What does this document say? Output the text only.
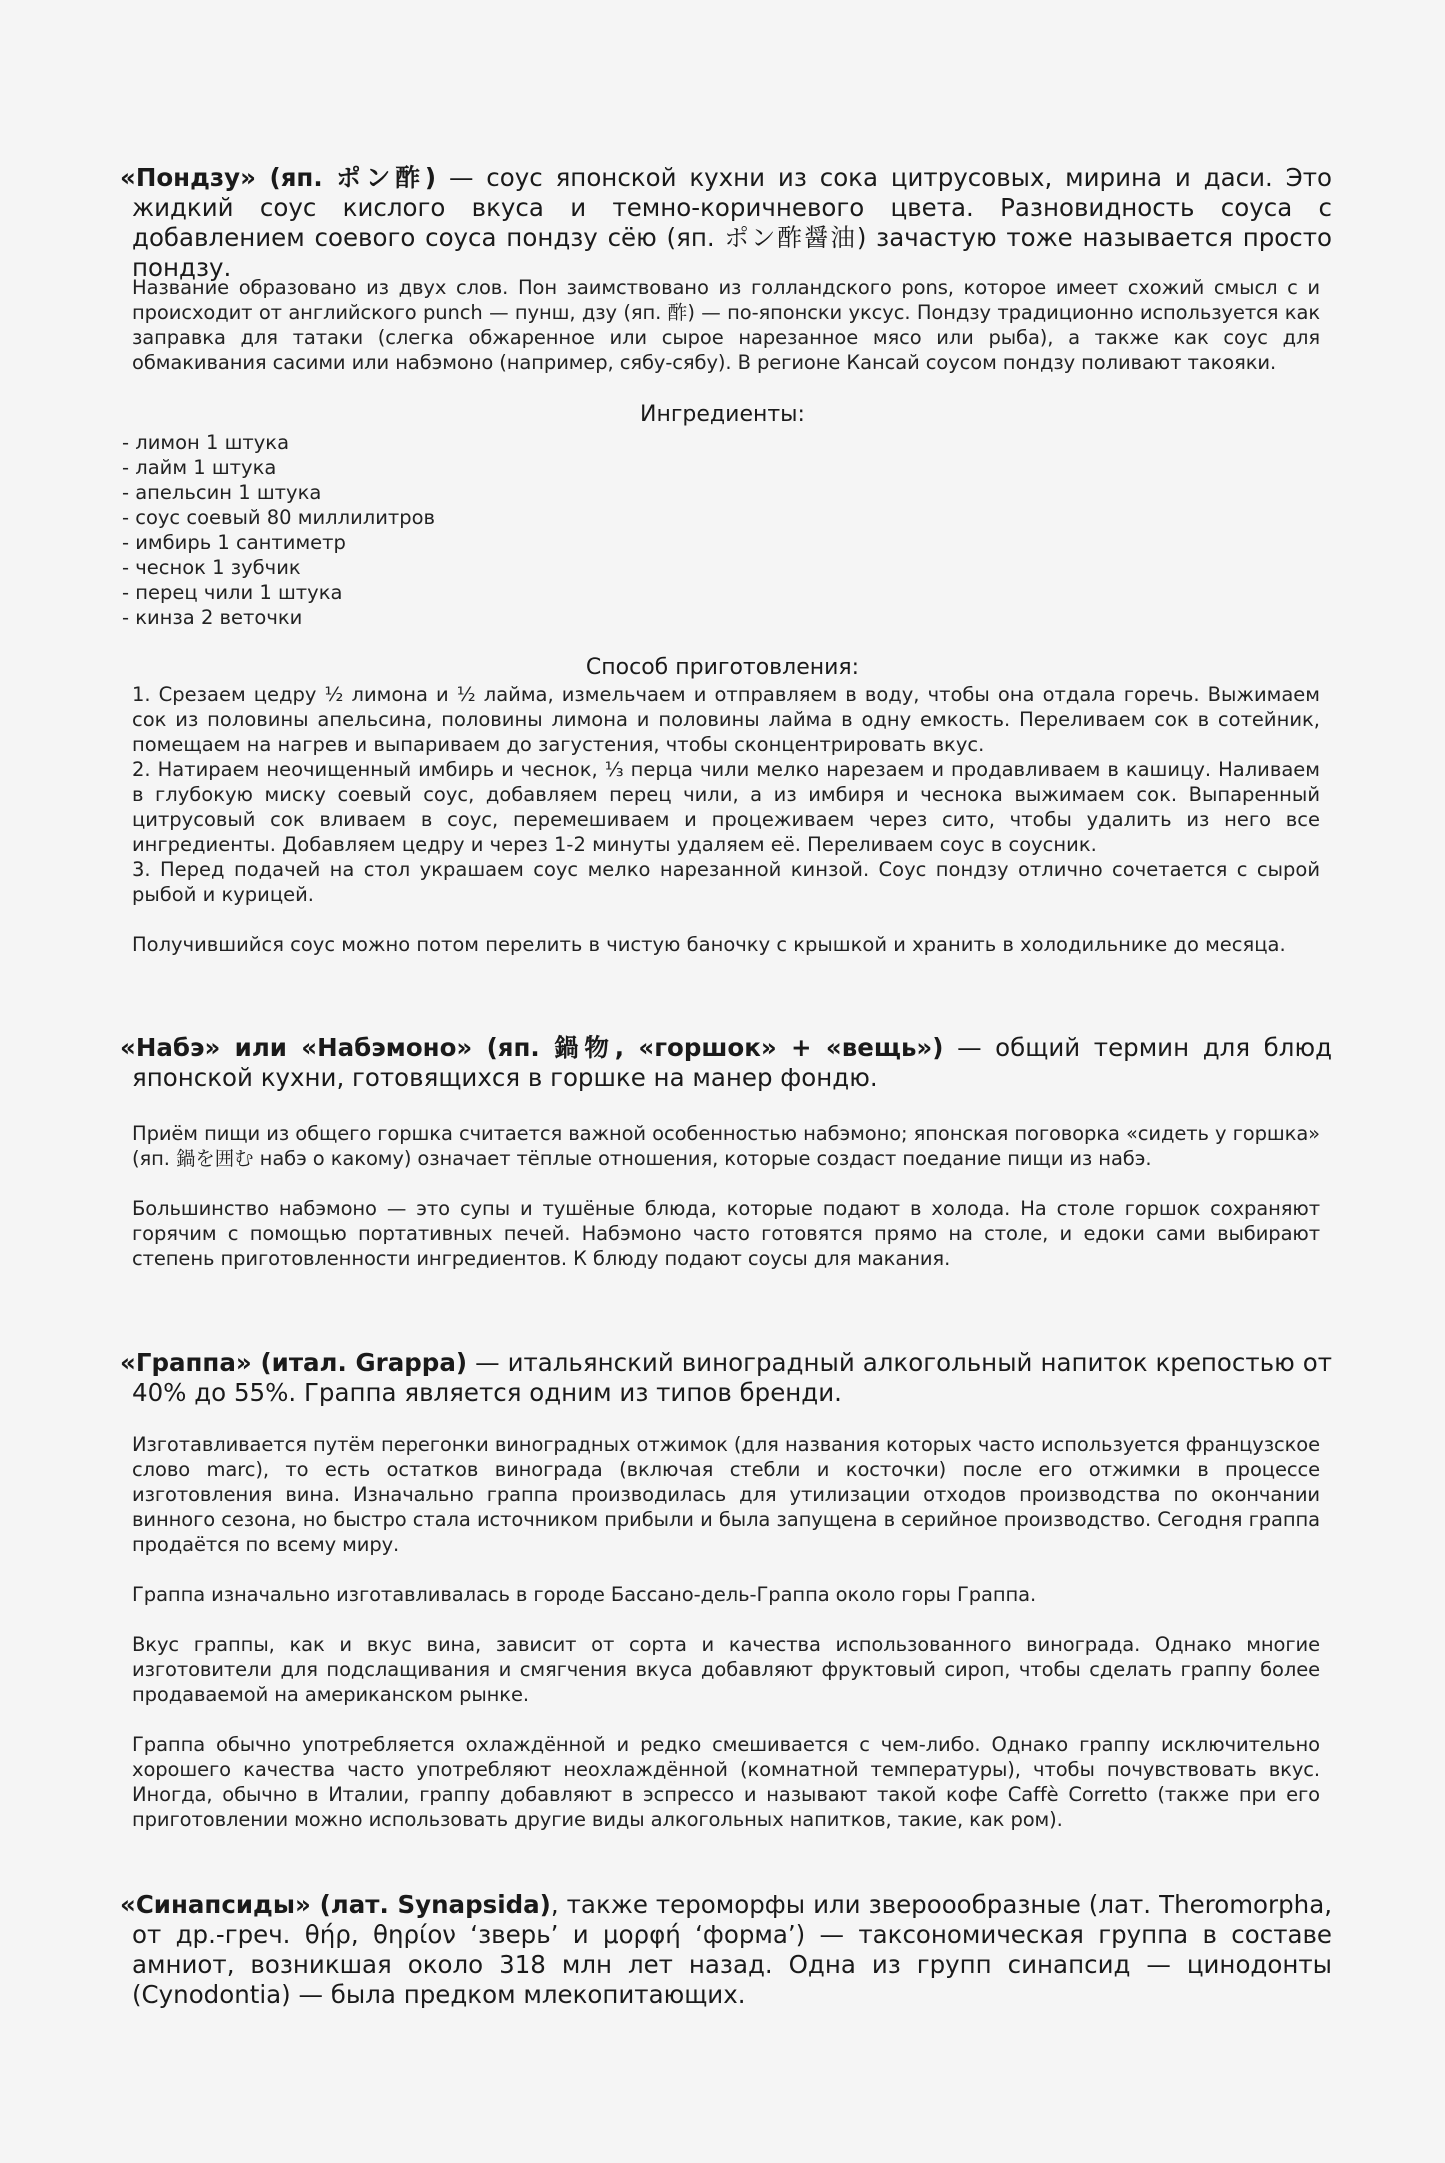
«Пондзу» (яп. ポン酢) — соус японской кухни из сока цитрусовых, мирина и даси. Это жидкий соус кислого вкуса и темно-коричневого цвета. Разновидность соуса с добавлением соевого соуса пондзу сёю (яп. ポン酢醤油) зачастую тоже называется просто пондзу.

Название образовано из двух слов. Пон заимствовано из голландского pons, которое имеет схожий смысл с и происходит от английского punch — пунш, дзу (яп. 酢) — по-японски уксус. Пондзу традиционно используется как заправка для татаки (слегка обжаренное или сырое нарезанное мясо или рыба), а также как соус для обмакивания сасими или набэмоно (например, сябу-сябу). В регионе Кансай соусом пондзу поливают такояки.

Ингредиенты:

- лимон 1 штука
- лайм 1 штука
- апельсин 1 штука
- соус соевый 80 миллилитров
- имбирь 1 сантиметр
- чеснок 1 зубчик
- перец чили 1 штука
- кинза 2 веточки

Способ приготовления:

1. Срезаем цедру ½ лимона и ½ лайма, измельчаем и отправляем в воду, чтобы она отдала горечь. Выжимаем сок из половины апельсина, половины лимона и половины лайма в одну емкость. Переливаем сок в сотейник, помещаем на нагрев и выпариваем до загустения, чтобы сконцентрировать вкус.

2. Натираем неочищенный имбирь и чеснок, ⅓ перца чили мелко нарезаем и продавливаем в кашицу. Наливаем в глубокую миску соевый соус, добавляем перец чили, а из имбиря и чеснока выжимаем сок. Выпаренный цитрусовый сок вливаем в соус, перемешиваем и процеживаем через сито, чтобы удалить из него все ингредиенты. Добавляем цедру и через 1-2 минуты удаляем её. Переливаем соус в соусник.

3. Перед подачей на стол украшаем соус мелко нарезанной кинзой. Соус пондзу отлично сочетается с сырой рыбой и курицей.

Получившийся соус можно потом перелить в чистую баночку с крышкой и хранить в холодильнике до месяца.

«Набэ» или «Набэмоно» (яп. 鍋物, «горшок» + «вещь») — общий термин для блюд японской кухни, готовящихся в горшке на манер фондю.

Приём пищи из общего горшка считается важной особенностью набэмоно; японская поговорка «сидеть у горшка» (яп. 鍋を囲む набэ о какому) означает тёплые отношения, которые создаст поедание пищи из набэ.

Большинство набэмоно — это супы и тушёные блюда, которые подают в холода. На столе горшок сохраняют горячим с помощью портативных печей. Набэмоно часто готовятся прямо на столе, и едоки сами выбирают степень приготовленности ингредиентов. К блюду подают соусы для макания.

«Граппа» (итал. Grappa) — итальянский виноградный алкогольный напиток крепостью от 40% до 55%. Граппа является одним из типов бренди.

Изготавливается путём перегонки виноградных отжимок (для названия которых часто используется французское слово marc), то есть остатков винограда (включая стебли и косточки) после его отжимки в процессе изготовления вина. Изначально граппа производилась для утилизации отходов производства по окончании винного сезона, но быстро стала источником прибыли и была запущена в серийное производство. Сегодня граппа продаётся по всему миру.

Граппа изначально изготавливалась в городе Бассано-дель-Граппа около горы Граппа.

Вкус граппы, как и вкус вина, зависит от сорта и качества использованного винограда. Однако многие изготовители для подслащивания и смягчения вкуса добавляют фруктовый сироп, чтобы сделать граппу более продаваемой на американском рынке.

Граппа обычно употребляется охлаждённой и редко смешивается с чем-либо. Однако граппу исключительно хорошего качества часто употребляют неохлаждённой (комнатной температуры), чтобы почувствовать вкус. Иногда, обычно в Италии, граппу добавляют в эспрессо и называют такой кофе Caffè Corretto (также при его приготовлении можно использовать другие виды алкогольных напитков, такие, как ром).

«Синапсиды» (лат. Synapsida), также тероморфы или звероообразные (лат. Theromorpha, от др.-греч. θήρ, θηρίον ‘зверь’ и μορφή ‘форма’) — таксономическая группа в составе амниот, возникшая около 318 млн лет назад. Одна из групп синапсид — цинодонты (Cynodontia) — была предком млекопитающих.
